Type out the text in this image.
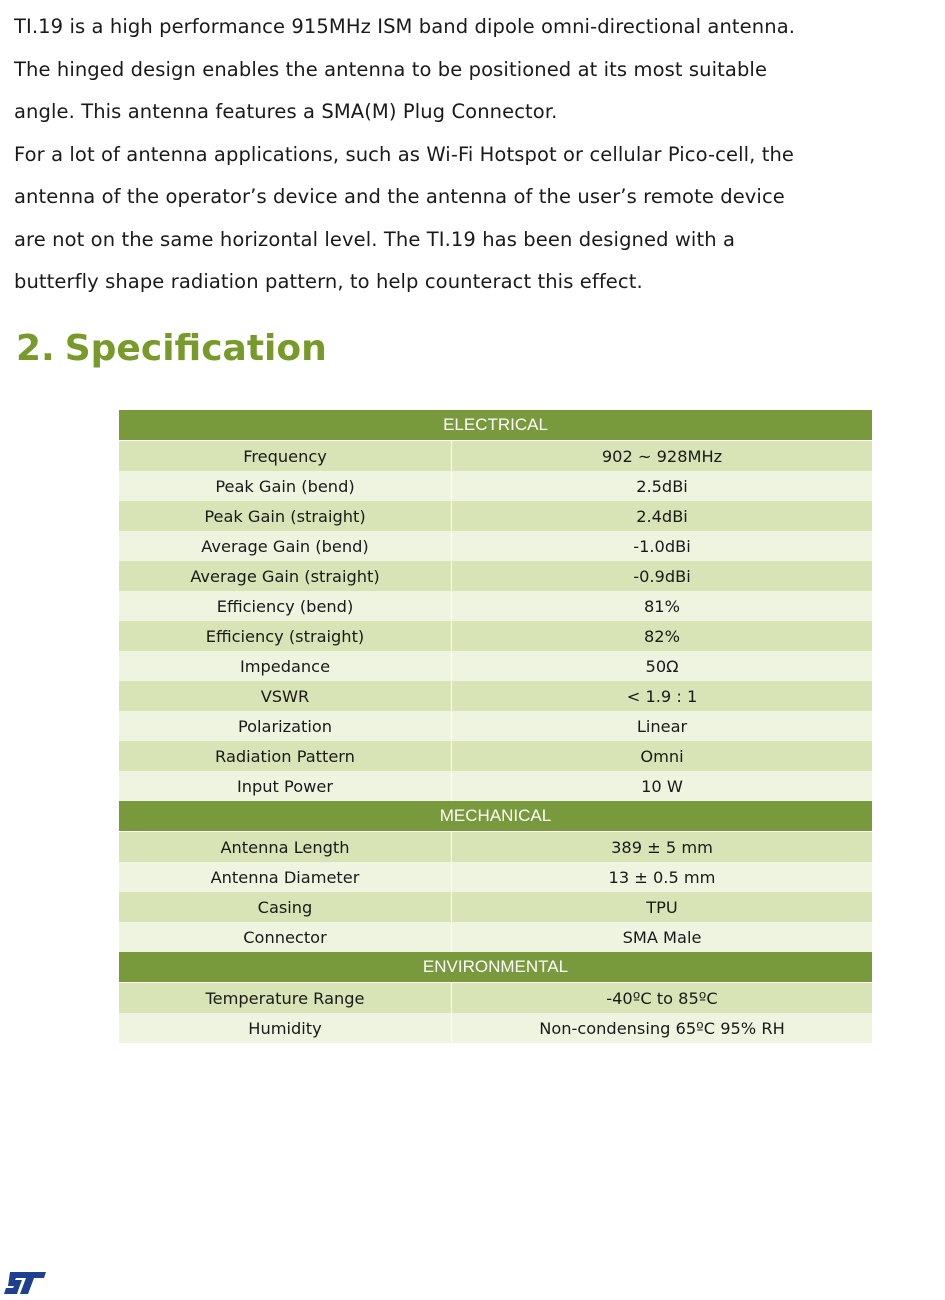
TI.19 is a high performance 915MHz ISM band dipole omni-directional antenna.

The hinged design enables the antenna to be positioned at its most suitable

angle. This antenna features a SMA(M) Plug Connector.

For a lot of antenna applications, such as Wi-Fi Hotspot or cellular Pico-cell, the

antenna of the operator’s device and the antenna of the user’s remote device

are not on the same horizontal level. The TI.19 has been designed with a

butterfly shape radiation pattern, to help counteract this effect.

2. Specification
ELECTRICAL	
Frequency	902 ~ 928MHz
Peak Gain (bend)	2.5dBi
Peak Gain (straight)	2.4dBi
Average Gain (bend)	-1.0dBi
Average Gain (straight)	-0.9dBi
Efficiency (bend)	81%
Efficiency (straight)	82%
Impedance	50Ω
VSWR	< 1.9 : 1
Polarization	Linear
Radiation Pattern	Omni
Input Power	10 W
MECHANICAL	
Antenna Length	389 ± 5 mm
Antenna Diameter	13 ± 0.5 mm
Casing	TPU
Connector	SMA Male
ENVIRONMENTAL	
Temperature Range	-40ºC to 85ºC
Humidity	Non-condensing 65ºC 95% RH
